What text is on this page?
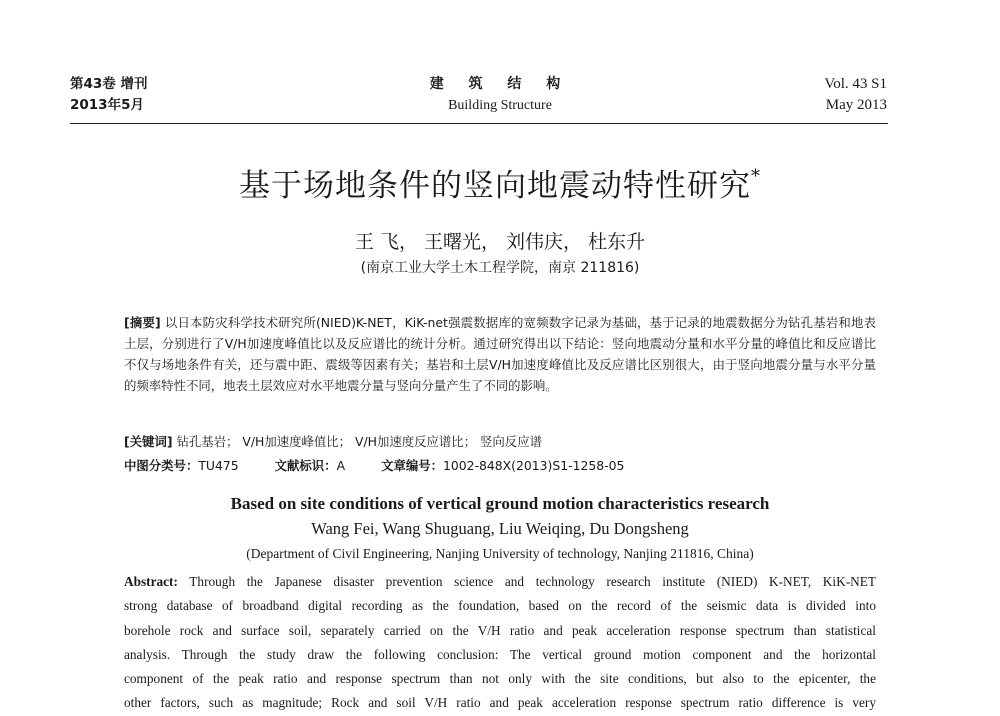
第43卷 增刊
2013年5月
建 筑 结 构
Building Structure
Vol. 43 S1
May 2013
基于场地条件的竖向地震动特性研究*
王 飞， 王曙光， 刘伟庆， 杜东升
(南京工业大学土木工程学院，南京 211816)
[摘要] 以日本防灾科学技术研究所(NIED)K-NET，KiK-net强震数据库的宽频数字记录为基础，基于记录的地震数据分为钻孔基岩和地表土层，分别进行了V/H加速度峰值比以及反应谱比的统计分析。通过研究得出以下结论：竖向地震动分量和水平分量的峰值比和反应谱比不仅与场地条件有关，还与震中距、震级等因素有关；基岩和土层V/H加速度峰值比及反应谱比区别很大，由于竖向地震分量与水平分量的频率特性不同，地表土层效应对水平地震分量与竖向分量产生了不同的影响。
[关键词] 钻孔基岩； V/H加速度峰值比； V/H加速度反应谱比； 竖向反应谱
中图分类号：TU475	文献标识：A	文章编号：1002-848X(2013)S1-1258-05
Based on site conditions of vertical ground motion characteristics research
Wang Fei, Wang Shuguang, Liu Weiqing, Du Dongsheng
(Department of Civil Engineering, Nanjing University of technology, Nanjing 211816, China)
Abstract: Through the Japanese disaster prevention science and technology research institute (NIED) K-NET, KiK-NET
strong database of broadband digital recording as the foundation, based on the record of the seismic data is divided into
borehole rock and surface soil, separately carried on the V/H ratio and peak acceleration response spectrum than statistical
analysis. Through the study draw the following conclusion: The vertical ground motion component and the horizontal
component of the peak ratio and response spectrum than not only with the site conditions, but also to the epicenter, the
other factors, such as magnitude; Rock and soil V/H ratio and peak acceleration response spectrum ratio difference is very
